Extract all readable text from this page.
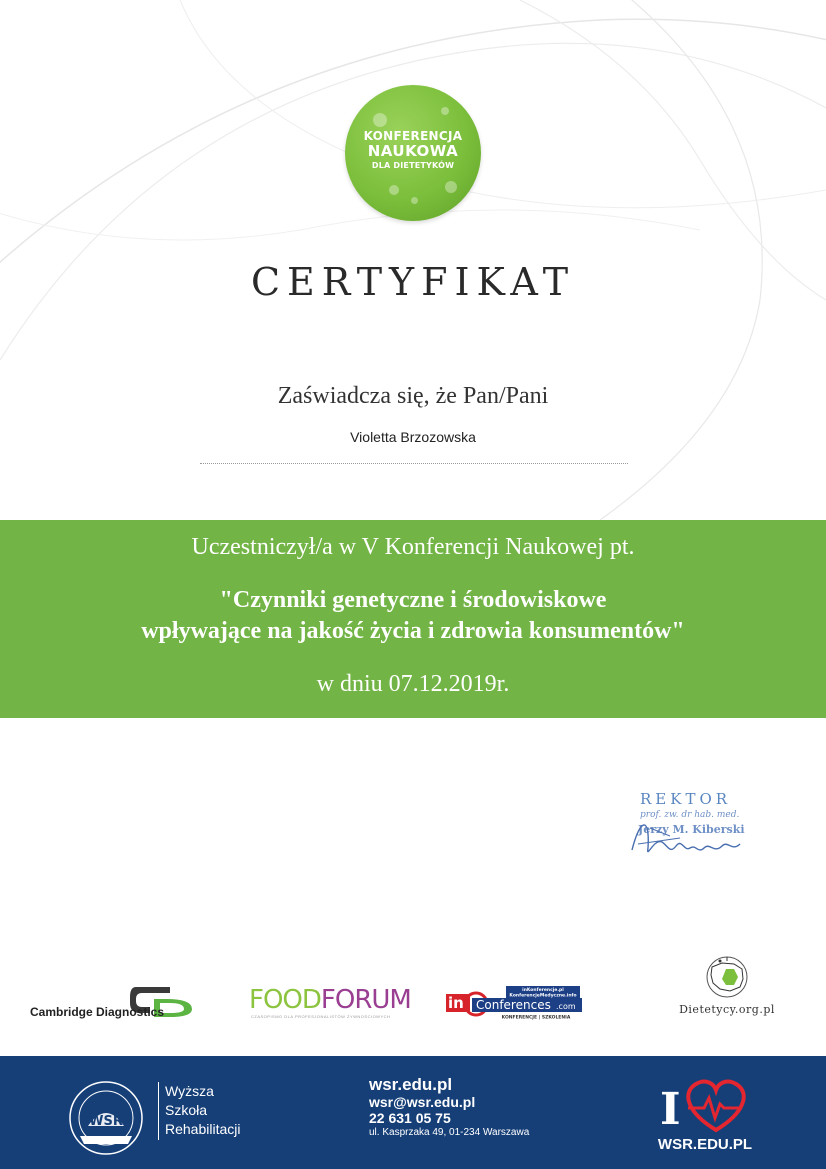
KONFERENCJA
NAUKOWA
DLA DIETETYKÓW
CERTYFIKAT
Zaświadcza się, że Pan/Pani
Violetta Brzozowska
Uczestniczył/a w V Konferencji Naukowej pt.
"Czynniki genetyczne i środowiskowe
wpływające na jakość życia i zdrowia konsumentów"
w dniu 07.12.2019r.
REKTOR
prof. zw. dr hab. med.
Jerzy M. Kiberski
Cambridge Diagnostics	FOODFORUM
CZASOPISMO DLA PROFESJONALISTÓW ŻYWNOŚCIOWYCH
inKonferencje.pl
KonferencjeMedyczne.info
in Conferences .com
KONFERENCJE | SZKOLENIA
Dietetycy.org.pl
WSR
Wyższa
Szkoła
Rehabilitacji
wsr.edu.pl
wsr@wsr.edu.pl
22 631 05 75
ul. Kasprzaka 49, 01-234 Warszawa	I
WSR.EDU.PL
